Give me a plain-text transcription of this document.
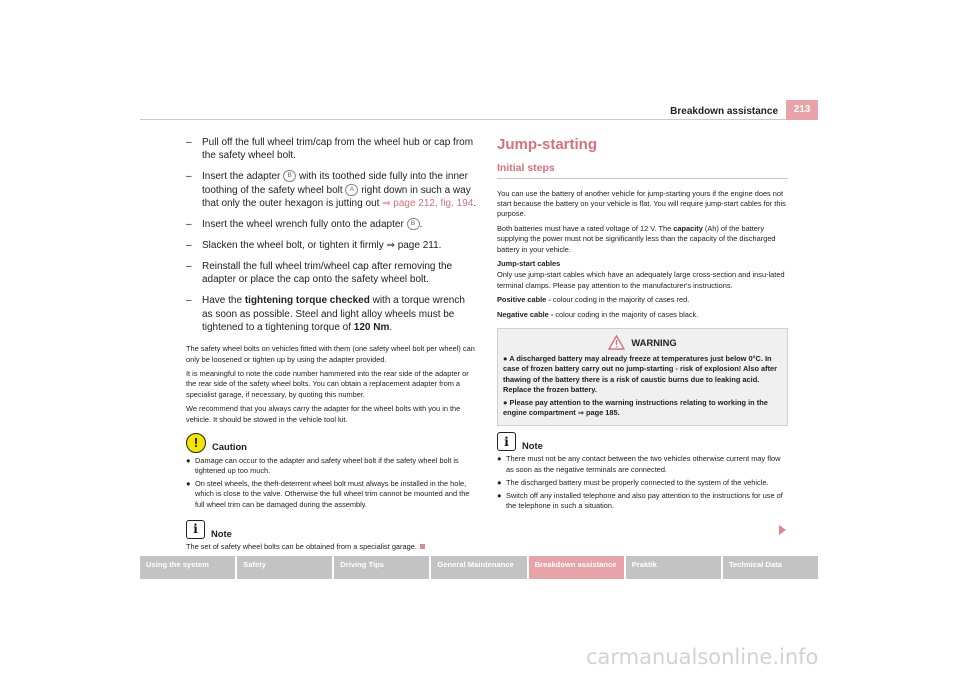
Breakdown assistance	213
– Pull off the full wheel trim/cap from the wheel hub or cap from the safety wheel bolt.
– Insert the adapter B with its toothed side fully into the inner toothing of the safety wheel bolt A right down in such a way that only the outer hexagon is jutting out ⇒ page 212, fig. 194.
– Insert the wheel wrench fully onto the adapter B .
– Slacken the wheel bolt, or tighten it firmly ⇒ page 211.
– Reinstall the full wheel trim/wheel cap after removing the adapter or place the cap onto the safety wheel bolt.
– Have the tightening torque checked with a torque wrench as soon as possible. Steel and light alloy wheels must be tightened to a tightening torque of 120 Nm.

The safety wheel bolts on vehicles fitted with them (one safety wheel bolt per wheel) can only be loosened or tighten up by using the adapter provided.

It is meaningful to note the code number hammered into the rear side of the adapter or the rear side of the safety wheel bolts. You can obtain a replacement adapter from a specialist garage, if necessary, by quoting this number.

We recommend that you always carry the adapter for the wheel bolts with you in the vehicle. It should be stowed in the vehicle tool kit.

!	Caution
● Damage can occur to the adapter and safety wheel bolt if the safety wheel bolt is tightened up too much.
● On steel wheels, the theft-deterrent wheel bolt must always be installed in the hole, which is close to the valve. Otherwise the full wheel trim cannot be mounted and the full wheel trim can be damaged during the assembly.
i	Note
The set of safety wheel bolts can be obtained from a specialist garage.
Jump-starting
Initial steps

You can use the battery of another vehicle for jump-starting yours if the engine does not start because the battery on your vehicle is flat. You will require jump-start cables for this purpose.

Both batteries must have a rated voltage of 12 V. The capacity (Ah) of the battery supplying the power must not be significantly less than the capacity of the discharged battery in your vehicle.

Jump-start cables

Only use jump-start cables which have an adequately large cross-section and insu-lated terminal clamps. Please pay attention to the manufacturer's instructions.

Positive cable - colour coding in the majority of cases red.

Negative cable - colour coding in the majority of cases black.

WARNING
● A discharged battery may already freeze at temperatures just below 0°C. In case of frozen battery carry out no jump-starting - risk of explosion! Also after thawing of the battery there is a risk of caustic burns due to leaking acid. Replace the frozen battery.
● Please pay attention to the warning instructions relating to working in the engine compartment ⇒ page 185.
i	Note
● There must not be any contact between the two vehicles otherwise current may flow as soon as the negative terminals are connected.
● The discharged battery must be properly connected to the system of the vehicle.
● Switch off any installed telephone and also pay attention to the instructions for use of the telephone in such a situation.
Using the system	Safety	Driving Tips	General Maintenance	Breakdown assistance	Praktik	Technical Data
carmanualsonline.info
